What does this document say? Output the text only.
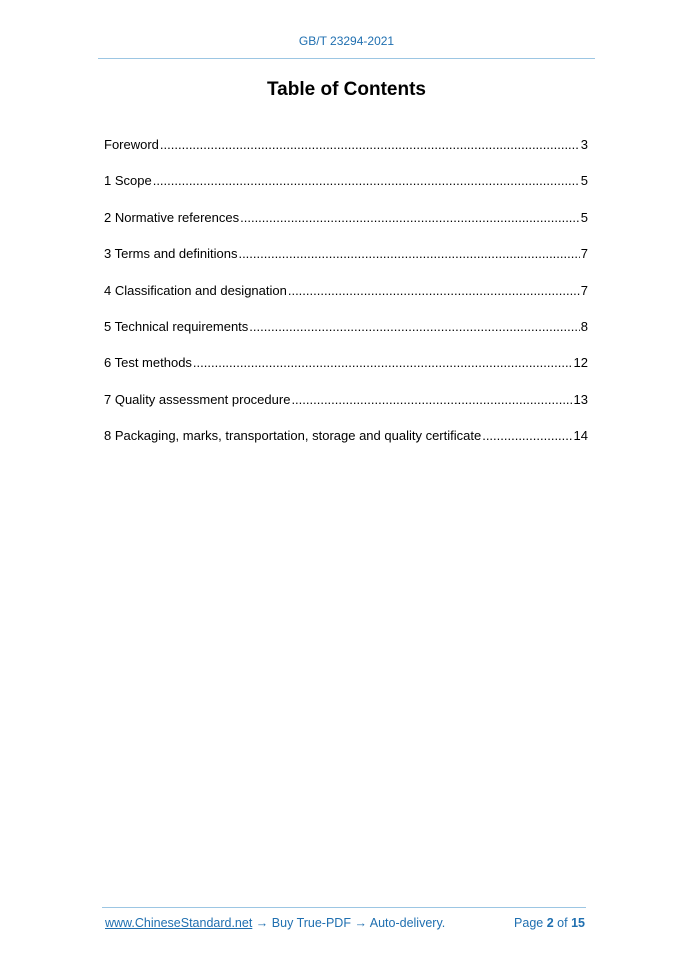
GB/T 23294-2021
Table of Contents
Foreword .....	3
1 Scope .....	5
2 Normative references .....	5
3 Terms and definitions .....	7
4 Classification and designation .....	7
5 Technical requirements .....	8
6 Test methods .....	12
7 Quality assessment procedure .....	13
8 Packaging, marks, transportation, storage and quality certificate .....	14
www.ChineseStandard.net → Buy True-PDF → Auto-delivery.	Page 2 of 15
